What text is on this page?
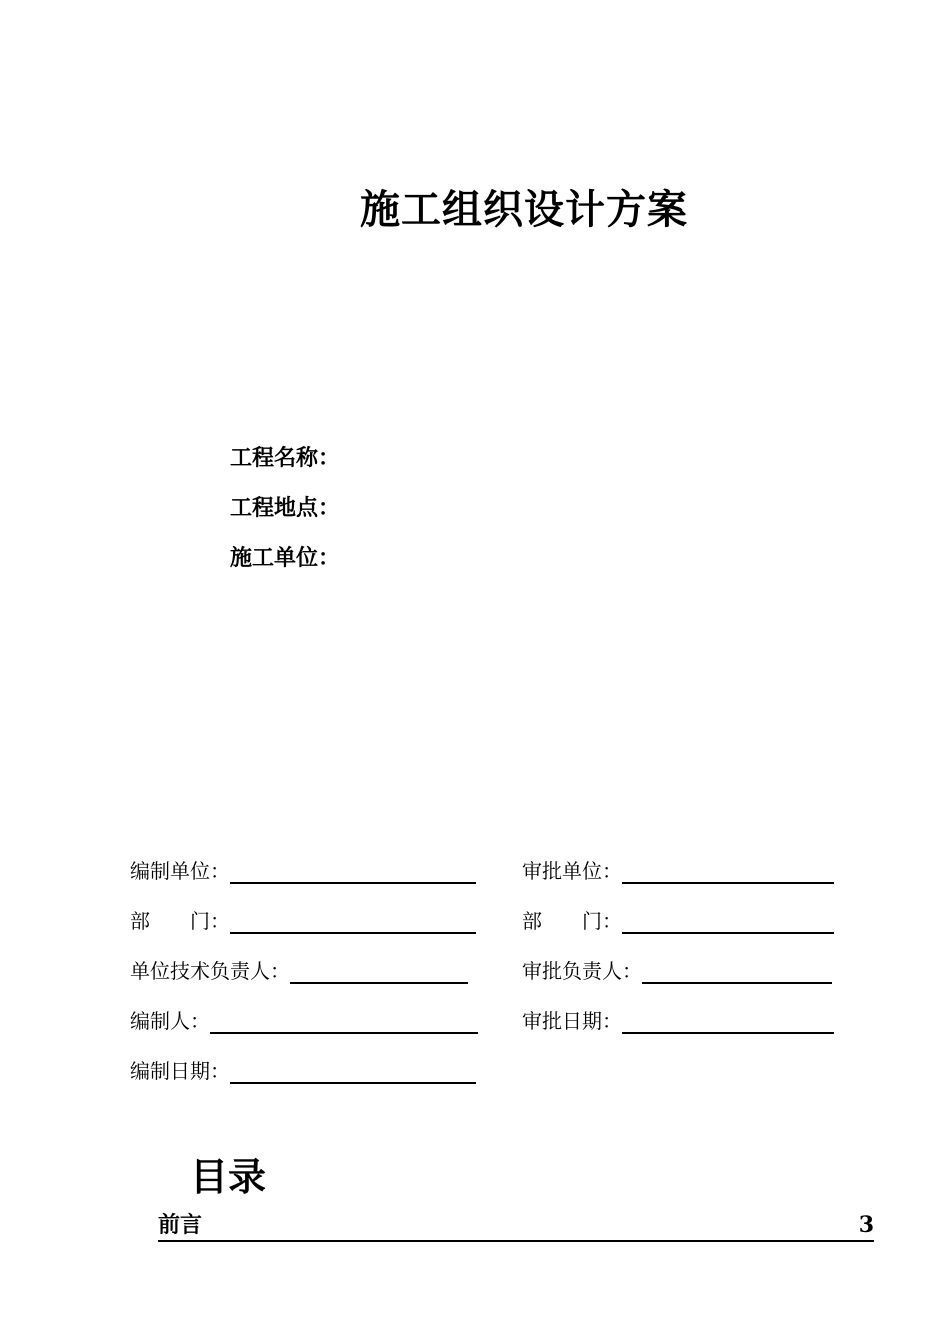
施工组织设计方案
工程名称：
工程地点：
施工单位：
编制单位：
部　　门：
单位技术负责人：
编制人：
编制日期：
审批单位：
部　　门：
审批负责人：
审批日期：
目录
前言	3
